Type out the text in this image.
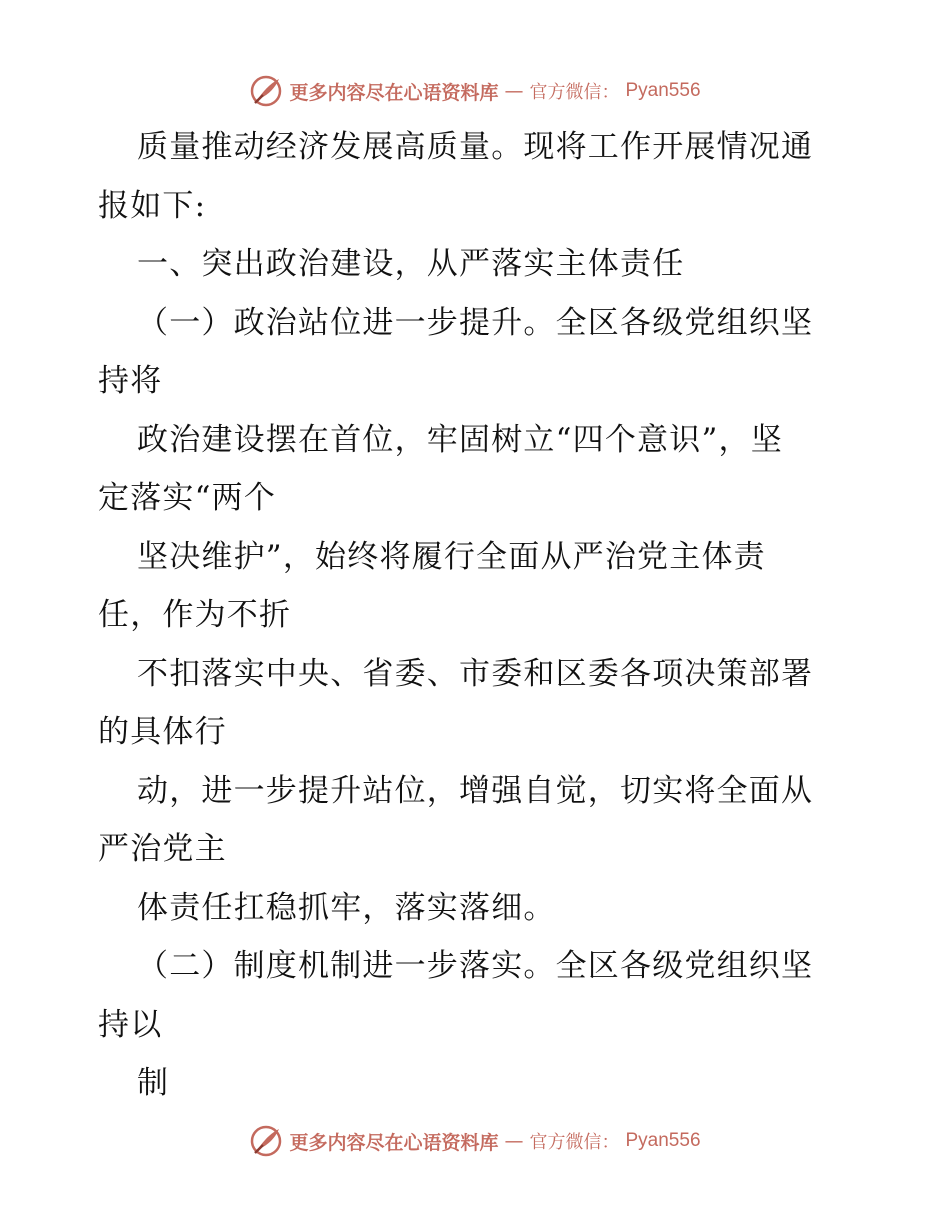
更多内容尽在心语资料库 — 官方微信： Pyan556
质量推动经济发展高质量。现将工作开展情况通
报如下:
一、突出政治建设，从严落实主体责任
（一）政治站位进一步提升。全区各级党组织坚
持将
政治建设摆在首位，牢固树立“四个意识”，坚
定落实“两个
坚决维护”，始终将履行全面从严治党主体责
任，作为不折
不扣落实中央、省委、市委和区委各项决策部署
的具体行
动，进一步提升站位，增强自觉，切实将全面从
严治党主
体责任扛稳抓牢，落实落细。
（二）制度机制进一步落实。全区各级党组织坚
持以
制
更多内容尽在心语资料库 — 官方微信： Pyan556
